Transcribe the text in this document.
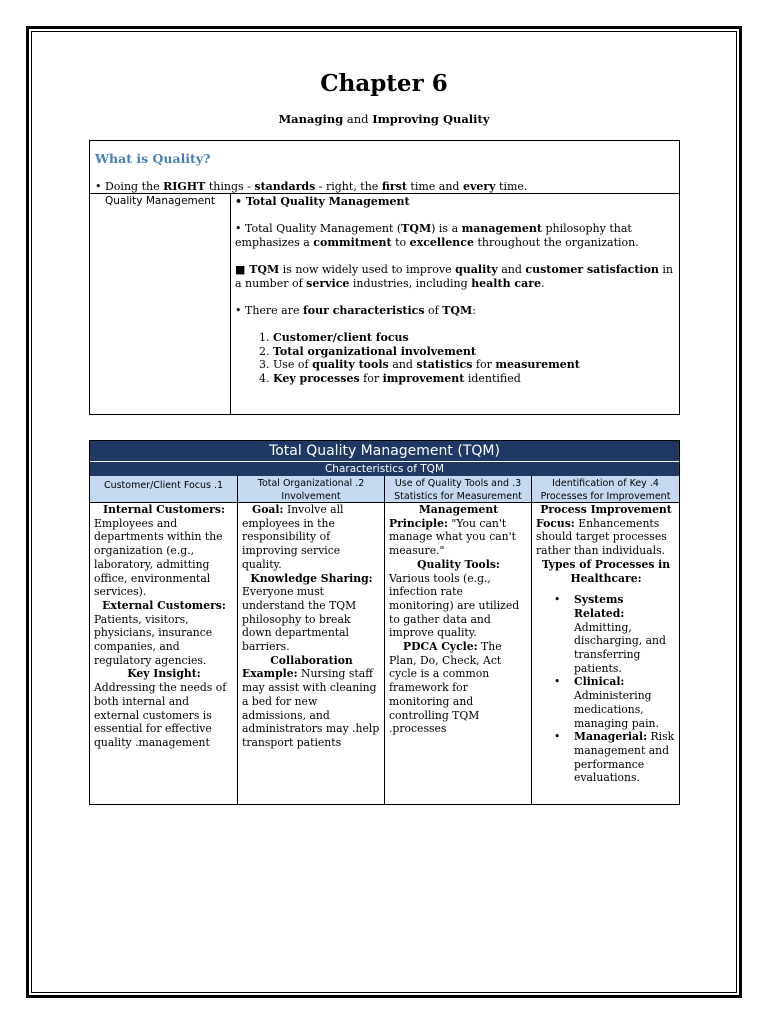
Chapter 6
Managing and Improving Quality
What is Quality?
• Doing the RIGHT things - standards - right, the first time and every time.
Quality Management	• Total Quality Management

• Total Quality Management (TQM) is a management philosophy that emphasizes a commitment to excellence throughout the organization.

■ TQM is now widely used to improve quality and customer satisfaction in a number of service industries, including health care.

• There are four characteristics of TQM:

1. Customer/client focus
2. Total organizational involvement
3. Use of quality tools and statistics for measurement
4. Key processes for improvement identified
Total Quality Management (TQM)
Characteristics of TQM
Customer/Client Focus .1	Total Organizational .2
Involvement
Use of Quality Tools and .3
Statistics for Measurement
Identification of Key .4
Processes for Improvement

Internal Customers:

Employees and departments within the organization (e.g., laboratory, admitting office, environmental services).

External Customers:

Patients, visitors, physicians, insurance companies, and regulatory agencies.

Key Insight:

Addressing the needs of both internal and external customers is essential for effective quality .management

Goal: Involve all employees in the responsibility of improving service quality.

Knowledge Sharing:

Everyone must understand the TQM philosophy to break down departmental barriers.

Collaboration

Example: Nursing staff may assist with cleaning a bed for new admissions, and administrators may .help transport patients

Management

Principle: "You can't manage what you can't measure."

Quality Tools:

Various tools (e.g., infection rate monitoring) are utilized to gather data and improve quality.

PDCA Cycle: The Plan, Do, Check, Act cycle is a common framework for monitoring and controlling TQM .processes

Process Improvement

Focus: Enhancements should target processes rather than individuals.

Types of Processes in Healthcare:

• Systems Related: Admitting, discharging, and transferring patients.
• Clinical: Administering medications, managing pain.
• Managerial: Risk management and performance evaluations.
